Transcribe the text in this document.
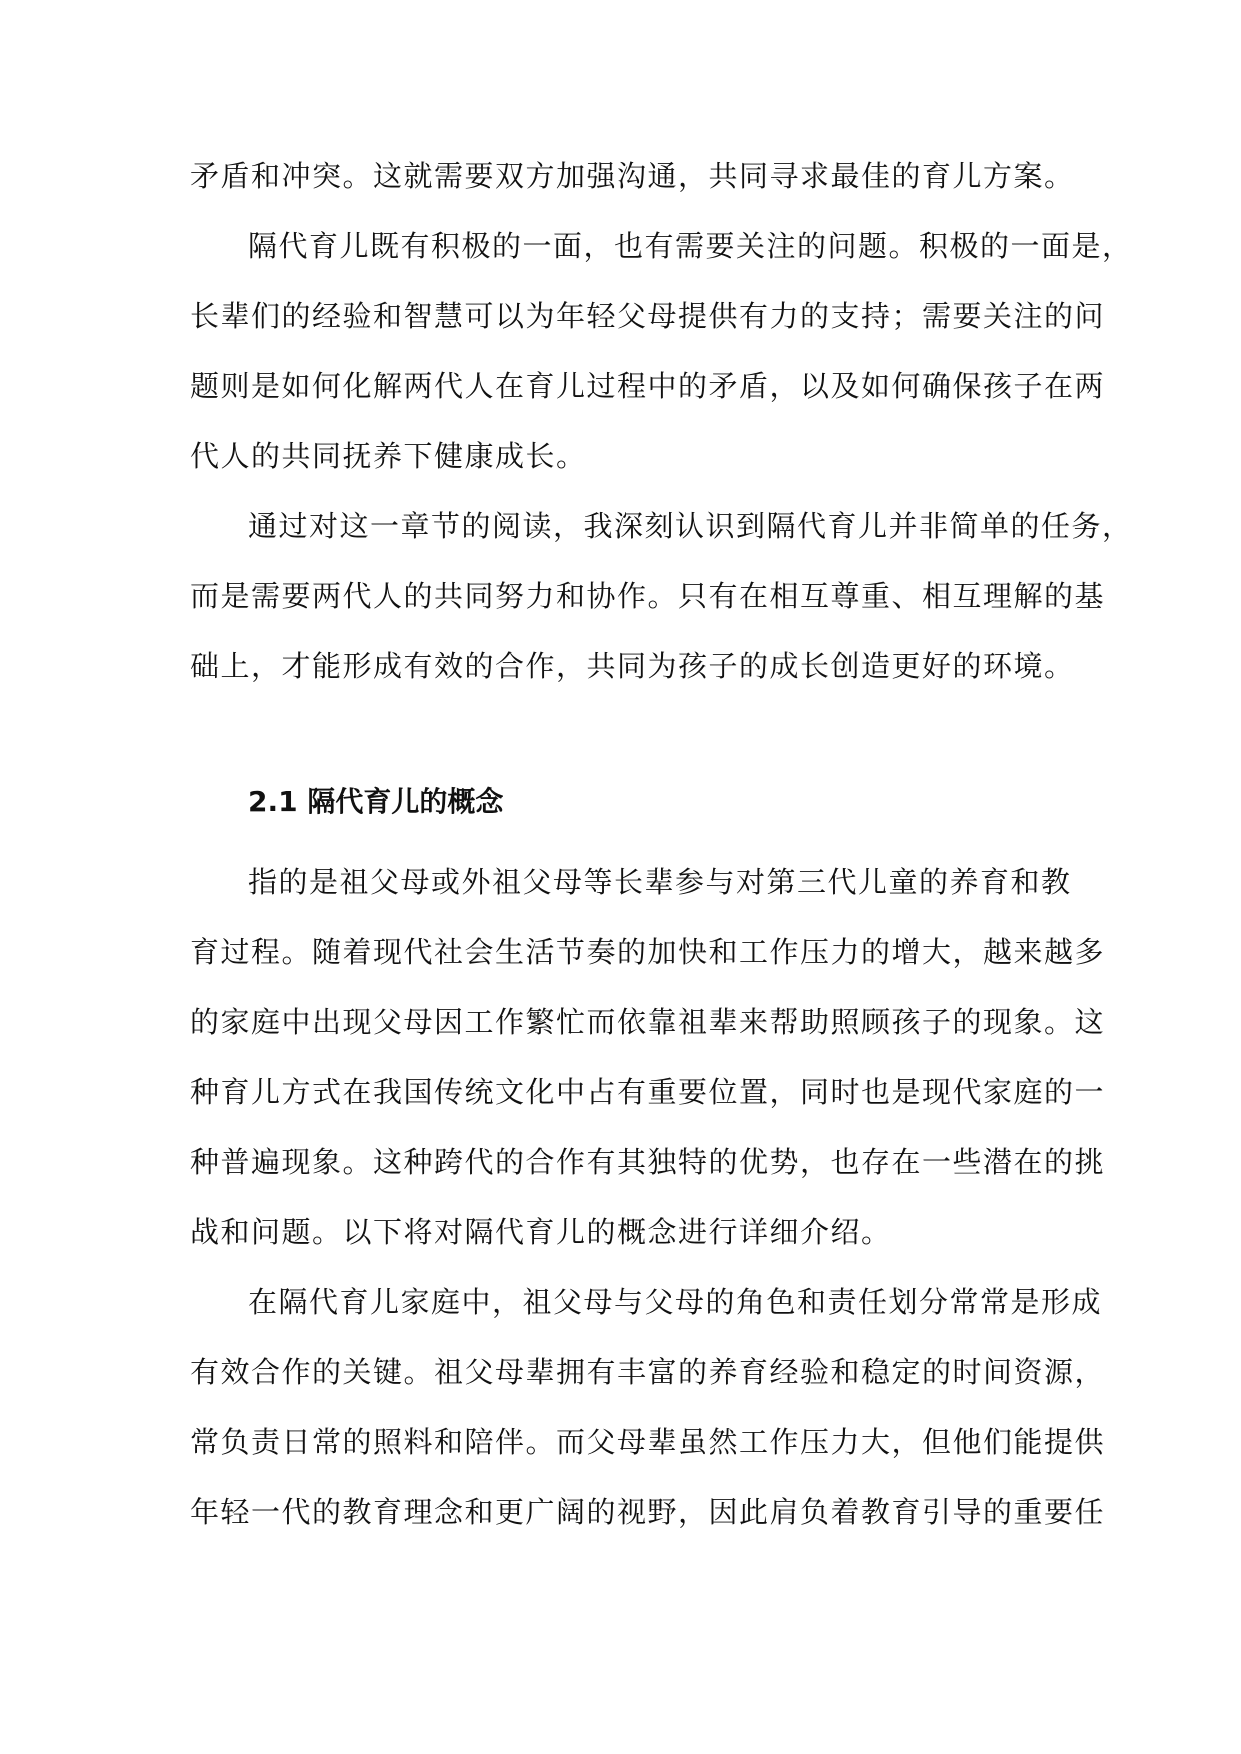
矛盾和冲突。这就需要双方加强沟通，共同寻求最佳的育儿方案。
隔代育儿既有积极的一面，也有需要关注的问题。积极的一面是，
长辈们的经验和智慧可以为年轻父母提供有力的支持；需要关注的问
题则是如何化解两代人在育儿过程中的矛盾，以及如何确保孩子在两
代人的共同抚养下健康成长。
通过对这一章节的阅读，我深刻认识到隔代育儿并非简单的任务，
而是需要两代人的共同努力和协作。只有在相互尊重、相互理解的基
础上，才能形成有效的合作，共同为孩子的成长创造更好的环境。
2.1 隔代育儿的概念
指的是祖父母或外祖父母等长辈参与对第三代儿童的养育和教
育过程。随着现代社会生活节奏的加快和工作压力的增大，越来越多
的家庭中出现父母因工作繁忙而依靠祖辈来帮助照顾孩子的现象。这
种育儿方式在我国传统文化中占有重要位置，同时也是现代家庭的一
种普遍现象。这种跨代的合作有其独特的优势，也存在一些潜在的挑
战和问题。以下将对隔代育儿的概念进行详细介绍。
在隔代育儿家庭中，祖父母与父母的角色和责任划分常常是形成
有效合作的关键。祖父母辈拥有丰富的养育经验和稳定的时间资源，
常负责日常的照料和陪伴。而父母辈虽然工作压力大，但他们能提供
年轻一代的教育理念和更广阔的视野，因此肩负着教育引导的重要任
